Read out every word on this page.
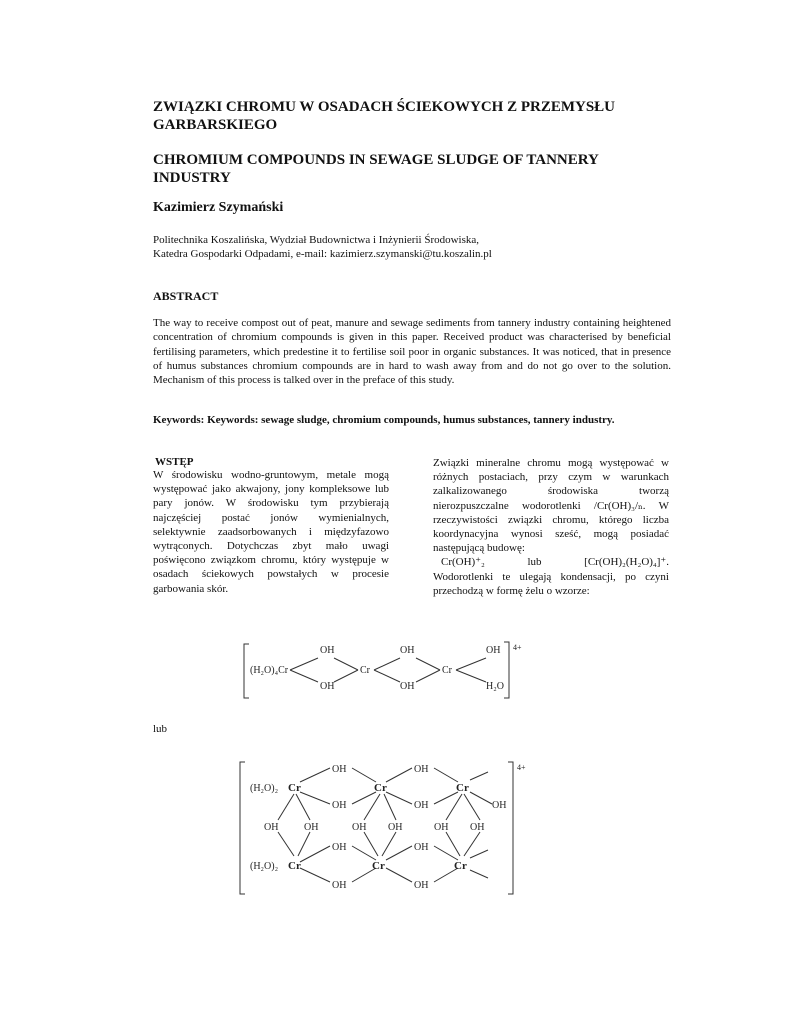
ZWIĄZKI CHROMU W OSADACH ŚCIEKOWYCH Z PRZEMYSŁU
GARBARSKIEGO
CHROMIUM COMPOUNDS IN SEWAGE SLUDGE OF TANNERY
INDUSTRY
Kazimierz Szymański
Politechnika Koszalińska, Wydział Budownictwa i Inżynierii Środowiska,
Katedra Gospodarki Odpadami, e-mail: kazimierz.szymanski@tu.koszalin.pl
ABSTRACT
The way to receive compost out of peat, manure and sewage sediments from tannery industry containing heightened concentration of chromium compounds is given in this paper. Received product was characterised by beneficial fertilising parameters, which predestine it to fertilise soil poor in organic substances. It was noticed, that in presence of humus substances chromium compounds are in hard to wash away from and do not go over to the solution. Mechanism of this process is talked over in the preface of this study.
Keywords: Keywords: sewage sludge, chromium compounds, humus substances, tannery industry.
WSTĘP
W środowisku wodno-gruntowym, metale mogą występować jako akwajony, jony kompleksowe lub pary jonów. W środowisku tym przybierają najczęściej postać jonów wymienialnych, selektywnie zaadsorbowanych i międzyfazowo wytrąconych. Dotychczas zbyt mało uwagi poświęcono związkom chromu, który występuje w osadach ściekowych powstałych w procesie garbowania skór.
Związki mineralne chromu mogą występować w różnych postaciach, przy czym w warunkach zalkalizowanego środowiska tworzą nierozpuszczalne wodorotlenki /Cr(OH)₃/ₙ. W rzeczywistości związki chromu, którego liczba koordynacyjna wynosi sześć, mogą posiadać następującą budowę:
Cr(OH)⁺₂	lub	[Cr(OH)₂(H₂O)₄]⁺.
Wodorotlenki te ulegają kondensacji, po czyni przechodzą w formę żelu o wzorze:
(H₂O)₄Cr
OH
OH
Cr
OH
OH
Cr
OH
H₂O
4+
lub
(H₂O)₂ Cr
OH
OH
Cr
OH
OH
Cr
OH
OH	OH	OH OH	OH OH
(H₂O)₂ Cr
OH
OH
Cr
OH
OH
Cr
4+
